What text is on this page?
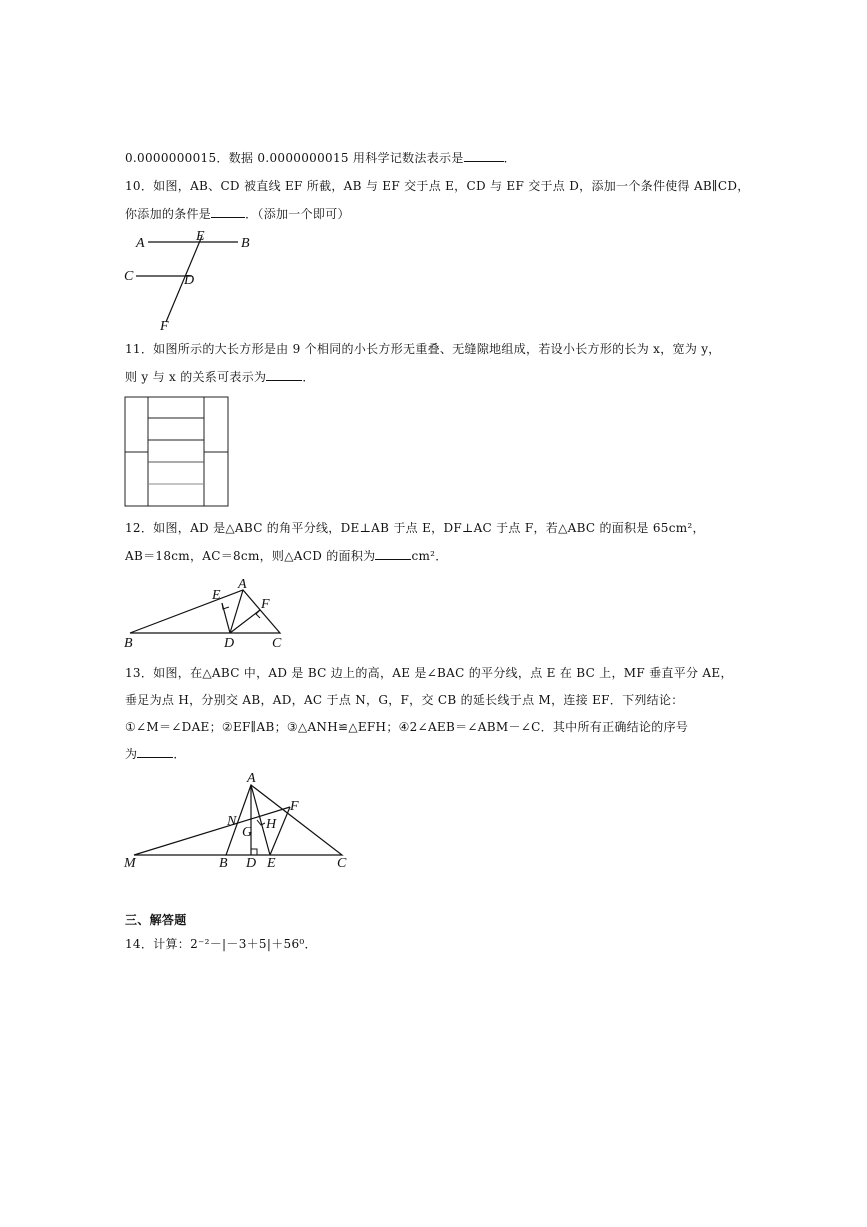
0.0000000015．数据 0.0000000015 用科学记数法表示是	．
10．如图，AB、CD 被直线 EF 所截，AB 与 EF 交于点 E，CD 与 EF 交于点 D，添加一个条件使得 AB∥CD，
你添加的条件是	．（添加一个即可）
A	E	B
C	D
F
11．如图所示的大长方形是由 9 个相同的小长方形无重叠、无缝隙地组成，若设小长方形的长为 x，宽为 y，
则 y 与 x 的关系可表示为	．
12．如图，AD 是△ABC 的角平分线，DE⊥AB 于点 E，DF⊥AC 于点 F，若△ABC 的面积是 65cm²，
AB＝18cm，AC＝8cm，则△ACD 的面积为	cm²．
A
E
F
B	D	C
13．如图，在△ABC 中，AD 是 BC 边上的高，AE 是∠BAC 的平分线，点 E 在 BC 上，MF 垂直平分 AE，
垂足为点 H，分别交 AB，AD，AC 于点 N，G，F，交 CB 的延长线于点 M，连接 EF．下列结论：
①∠M＝∠DAE；②EF∥AB；③△ANH≌△EFH；④2∠AEB＝∠ABM－∠C．其中所有正确结论的序号
为	．
A
F
N H
G
M	B D E	C
三、解答题
14．计算：2⁻²－|－3＋5|＋56⁰．
